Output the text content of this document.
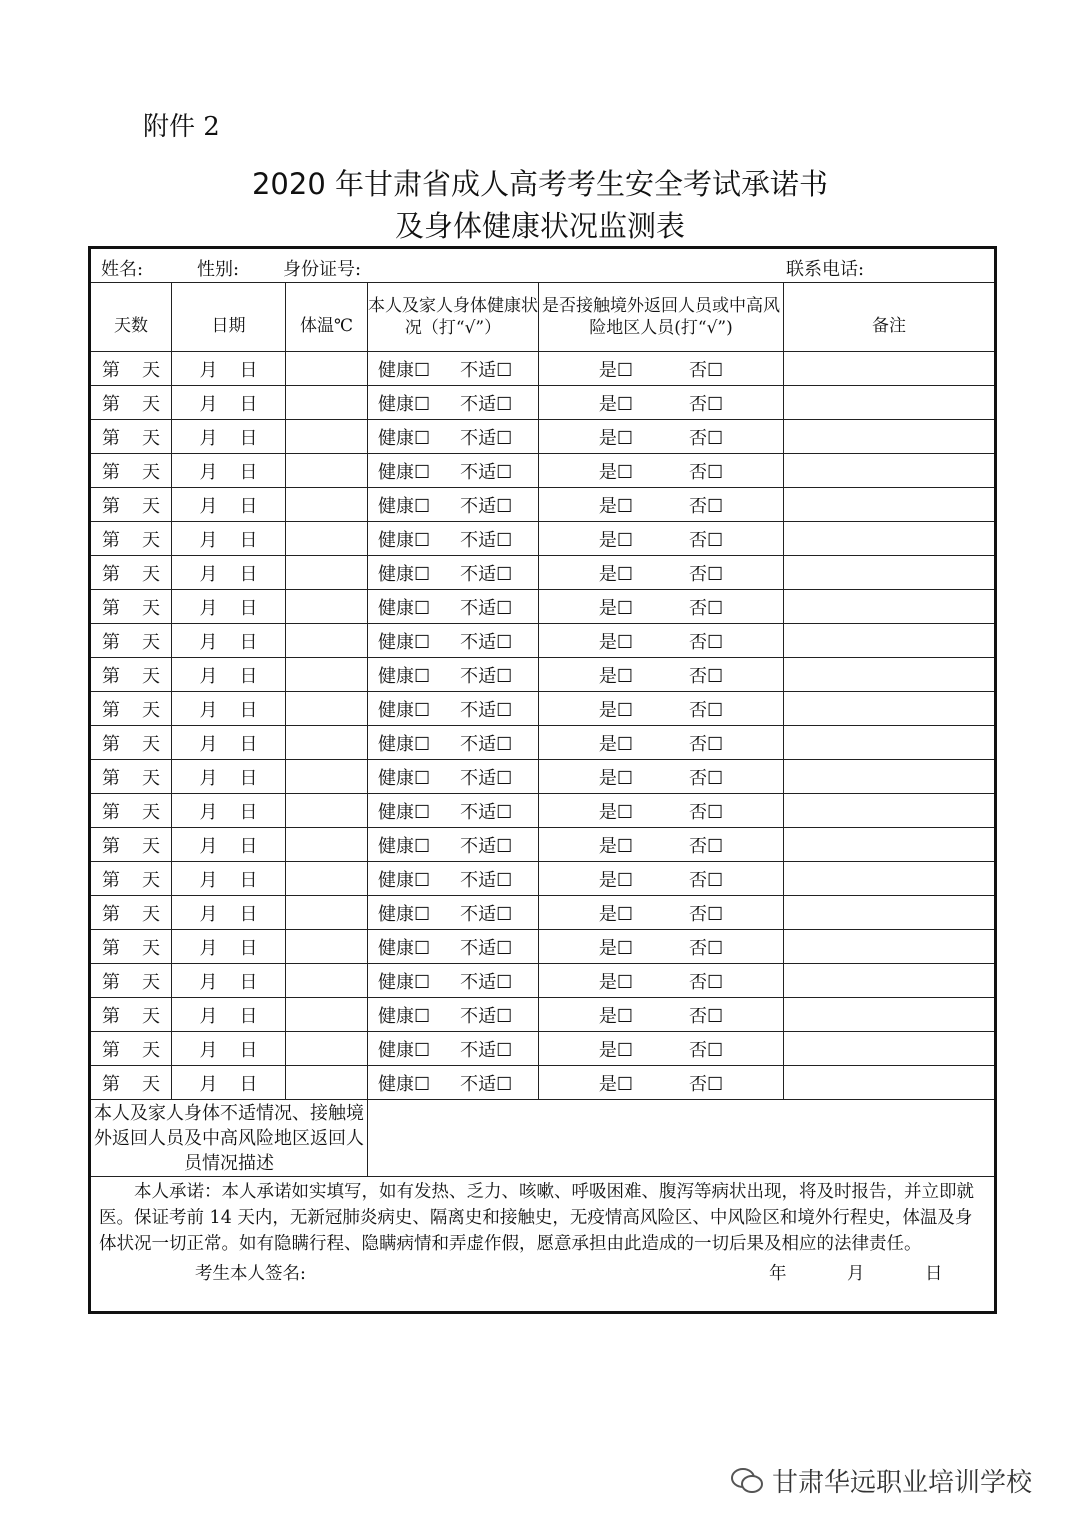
附件 2
2020 年甘肃省成人高考考生安全考试承诺书
及身体健康状况监测表
姓名: 性别: 身份证号: 联系电话:					

天数	日期	体温℃	本人及家人身体健康状况（打“√”）	是否接触境外返回人员或中高风险地区人员(打“√”)	备注
第 天	月 日		健康☐ 不适☐	是☐ 否☐	
第 天	月 日		健康☐ 不适☐	是☐ 否☐	
第 天	月 日		健康☐ 不适☐	是☐ 否☐	
第 天	月 日		健康☐ 不适☐	是☐ 否☐	
第 天	月 日		健康☐ 不适☐	是☐ 否☐	
第 天	月 日		健康☐ 不适☐	是☐ 否☐	
第 天	月 日		健康☐ 不适☐	是☐ 否☐	
第 天	月 日		健康☐ 不适☐	是☐ 否☐	
第 天	月 日		健康☐ 不适☐	是☐ 否☐	
第 天	月 日		健康☐ 不适☐	是☐ 否☐	
第 天	月 日		健康☐ 不适☐	是☐ 否☐	
第 天	月 日		健康☐ 不适☐	是☐ 否☐	
第 天	月 日		健康☐ 不适☐	是☐ 否☐	
第 天	月 日		健康☐ 不适☐	是☐ 否☐	
第 天	月 日		健康☐ 不适☐	是☐ 否☐	
第 天	月 日		健康☐ 不适☐	是☐ 否☐	
第 天	月 日		健康☐ 不适☐	是☐ 否☐	
第 天	月 日		健康☐ 不适☐	是☐ 否☐	
第 天	月 日		健康☐ 不适☐	是☐ 否☐	
第 天	月 日		健康☐ 不适☐	是☐ 否☐	
第 天	月 日		健康☐ 不适☐	是☐ 否☐	
第 天	月 日		健康☐ 不适☐	是☐ 否☐	
本人及家人身体不适情况、接触境外返回人员及中高风险地区返回人员情况描述					

本人承诺：本人承诺如实填写，如有发热、乏力、咳嗽、呼吸困难、腹泻等病状出现，将及时报告，并立即就医。保证考前 14 天内，无新冠肺炎病史、隔离史和接触史，无疫情高风险区、中风险区和境外行程史，体温及身体状况一切正常。如有隐瞒行程、隐瞒病情和弄虚作假，愿意承担由此造成的一切后果及相应的法律责任。
考生本人签名: 年 月 日					
甘肃华远职业培训学校
